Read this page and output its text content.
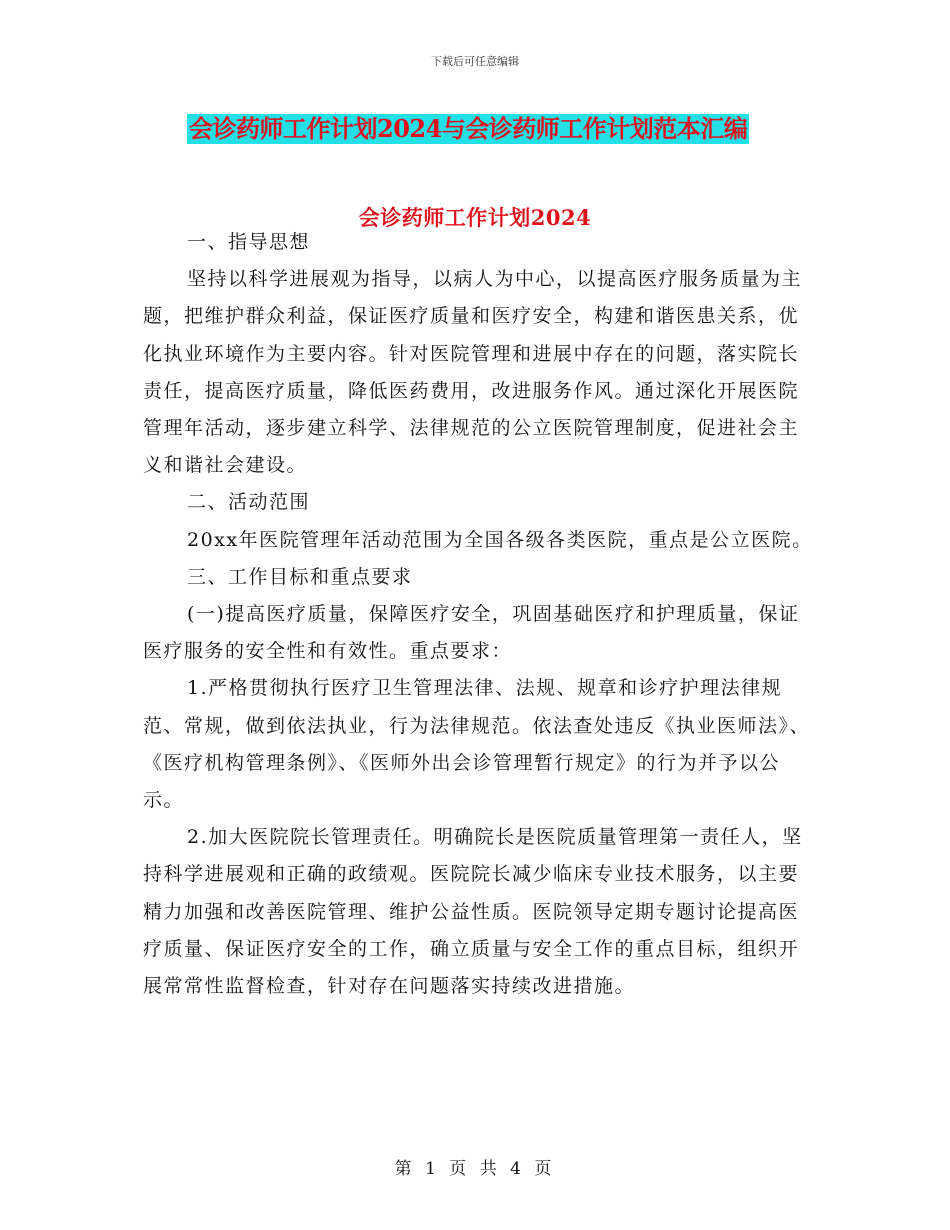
下载后可任意编辑
会诊药师工作计划2024与会诊药师工作计划范本汇编
会诊药师工作计划2024

一、指导思想

坚持以科学进展观为指导，以病人为中心，以提高医疗服务质量为主题，把维护群众利益，保证医疗质量和医疗安全，构建和谐医患关系，优化执业环境作为主要内容。针对医院管理和进展中存在的问题，落实院长责任，提高医疗质量，降低医药费用，改进服务作风。通过深化开展医院管理年活动，逐步建立科学、法律规范的公立医院管理制度，促进社会主义和谐社会建设。

二、活动范围

20xx年医院管理年活动范围为全国各级各类医院，重点是公立医院。

三、工作目标和重点要求

(一)提高医疗质量，保障医疗安全，巩固基础医疗和护理质量，保证医疗服务的安全性和有效性。重点要求：

1.严格贯彻执行医疗卫生管理法律、法规、规章和诊疗护理法律规范、常规，做到依法执业，行为法律规范。依法查处违反《执业医师法》、《医疗机构管理条例》、《医师外出会诊管理暂行规定》的行为并予以公示。

2.加大医院院长管理责任。明确院长是医院质量管理第一责任人，坚持科学进展观和正确的政绩观。医院院长减少临床专业技术服务，以主要精力加强和改善医院管理、维护公益性质。医院领导定期专题讨论提高医疗质量、保证医疗安全的工作，确立质量与安全工作的重点目标，组织开展常常性监督检查，针对存在问题落实持续改进措施。

第 1 页 共 4 页
